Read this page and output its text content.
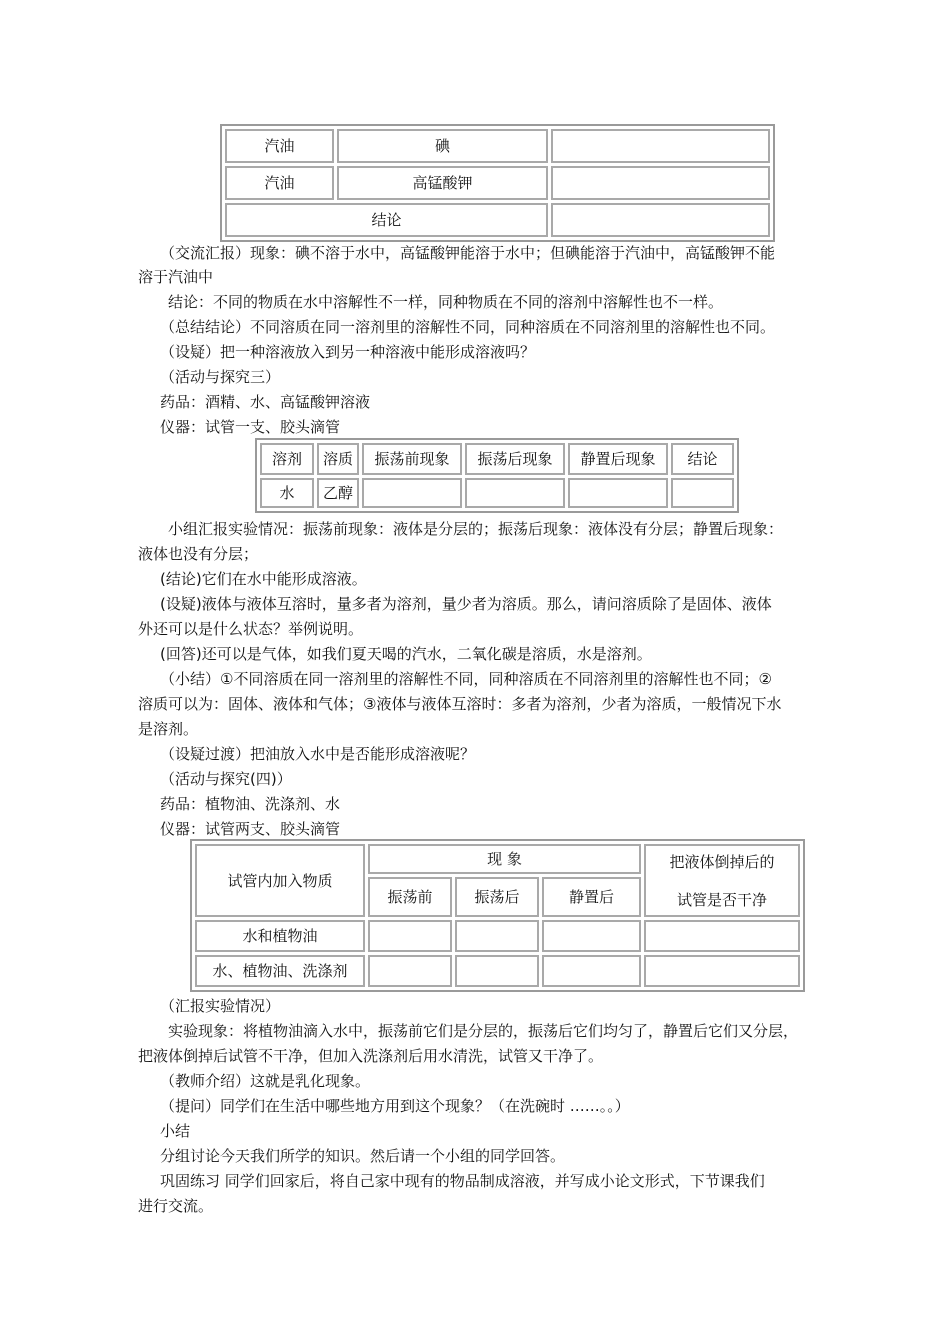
汽油	碘	
汽油	高锰酸钾	
结论		
（交流汇报）现象：碘不溶于水中，高锰酸钾能溶于水中；但碘能溶于汽油中，高锰酸钾不能
溶于汽油中
结论：不同的物质在水中溶解性不一样，同种物质在不同的溶剂中溶解性也不一样。
（总结结论）不同溶质在同一溶剂里的溶解性不同，同种溶质在不同溶剂里的溶解性也不同。
（设疑）把一种溶液放入到另一种溶液中能形成溶液吗？
（活动与探究三）
药品：酒精、水、高锰酸钾溶液
仪器：试管一支、胶头滴管
溶剂	溶质	振荡前现象	振荡后现象	静置后现象	结论
水	乙醇				
小组汇报实验情况：振荡前现象：液体是分层的；振荡后现象：液体没有分层；静置后现象：
液体也没有分层；
(结论)它们在水中能形成溶液。
(设疑)液体与液体互溶时，量多者为溶剂，量少者为溶质。那么，请问溶质除了是固体、液体
外还可以是什么状态？举例说明。
(回答)还可以是气体，如我们夏天喝的汽水，二氧化碳是溶质，水是溶剂。
（小结）①不同溶质在同一溶剂里的溶解性不同，同种溶质在不同溶剂里的溶解性也不同；②
溶质可以为：固体、液体和气体；③液体与液体互溶时：多者为溶剂，少者为溶质，一般情况下水
是溶剂。
（设疑过渡）把油放入水中是否能形成溶液呢？
（活动与探究(四)）
药品：植物油、洗涤剂、水
仪器：试管两支、胶头滴管
试管内加入物质	现 象			把液体倒掉后的
试管是否干净

	振荡前	振荡后	静置后	
水和植物油				
水、植物油、洗涤剂				
（汇报实验情况）
实验现象：将植物油滴入水中，振荡前它们是分层的，振荡后它们均匀了，静置后它们又分层，
把液体倒掉后试管不干净，但加入洗涤剂后用水清洗，试管又干净了。
（教师介绍）这就是乳化现象。
（提问）同学们在生活中哪些地方用到这个现象？（在洗碗时 ……。。）
小结
分组讨论今天我们所学的知识。然后请一个小组的同学回答。
巩固练习 同学们回家后，将自己家中现有的物品制成溶液，并写成小论文形式，下节课我们
进行交流。
